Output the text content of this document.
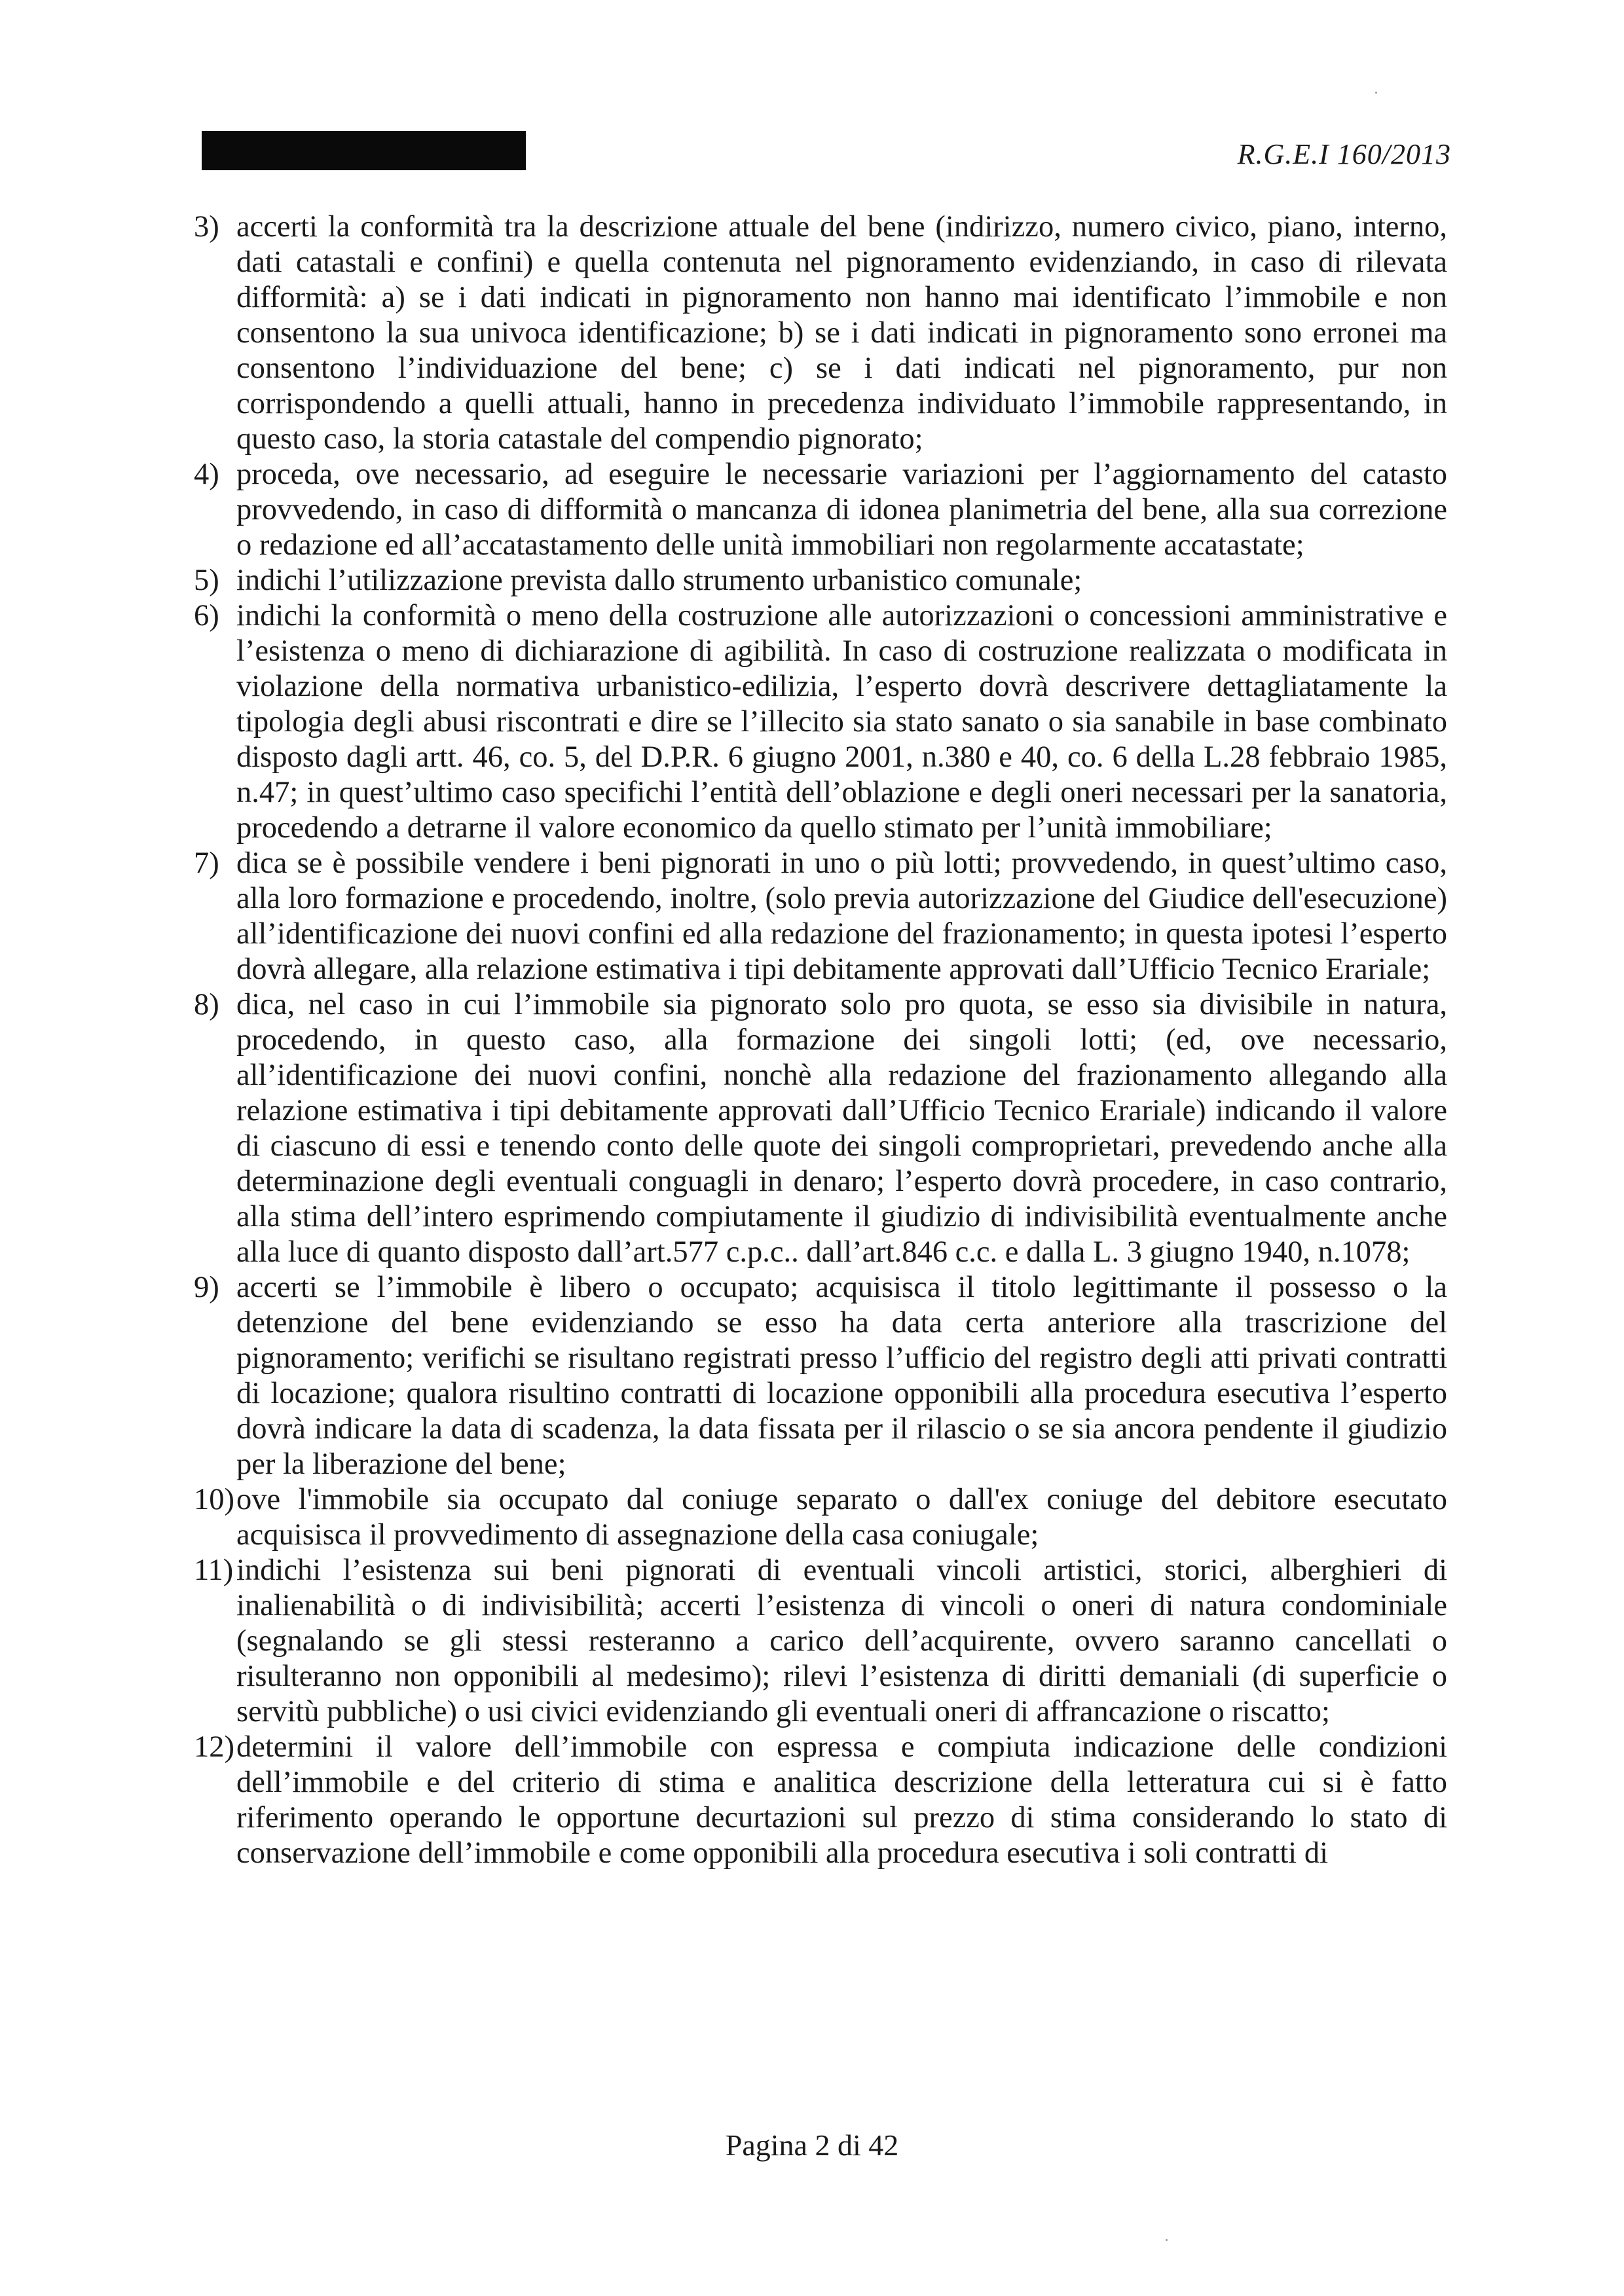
R.G.E.I 160/2013
3) accerti la conformità tra la descrizione attuale del bene (indirizzo, numero civico, piano, interno, dati catastali e confini) e quella contenuta nel pignoramento evidenziando, in caso di rilevata difformità: a) se i dati indicati in pignoramento non hanno mai identificato l’immobile e non consentono la sua univoca identificazione; b) se i dati indicati in pignoramento sono erronei ma consentono l’individuazione del bene; c) se i dati indicati nel pignoramento, pur non corrispondendo a quelli attuali, hanno in precedenza individuato l’immobile rappresentando, in questo caso, la storia catastale del compendio pignorato;
4) proceda, ove necessario, ad eseguire le necessarie variazioni per l’aggiornamento del catasto provvedendo, in caso di difformità o mancanza di idonea planimetria del bene, alla sua correzione o redazione ed all’accatastamento delle unità immobiliari non regolarmente accatastate;
5) indichi l’utilizzazione prevista dallo strumento urbanistico comunale;
6) indichi la conformità o meno della costruzione alle autorizzazioni o concessioni amministrative e l’esistenza o meno di dichiarazione di agibilità. In caso di costruzione realizzata o modificata in violazione della normativa urbanistico-edilizia, l’esperto dovrà descrivere dettagliatamente la tipologia degli abusi riscontrati e dire se l’illecito sia stato sanato o sia sanabile in base combinato disposto dagli artt. 46, co. 5, del D.P.R. 6 giugno 2001, n.380 e 40, co. 6 della L.28 febbraio 1985, n.47; in quest’ultimo caso specifichi l’entità dell’oblazione e degli oneri necessari per la sanatoria, procedendo a detrarne il valore economico da quello stimato per l’unità immobiliare;
7) dica se è possibile vendere i beni pignorati in uno o più lotti; provvedendo, in quest’ultimo caso, alla loro formazione e procedendo, inoltre, (solo previa autorizzazione del Giudice dell'esecuzione) all’identificazione dei nuovi confini ed alla redazione del frazionamento; in questa ipotesi l’esperto dovrà allegare, alla relazione estimativa i tipi debitamente approvati dall’Ufficio Tecnico Erariale;
8) dica, nel caso in cui l’immobile sia pignorato solo pro quota, se esso sia divisibile in natura, procedendo, in questo caso, alla formazione dei singoli lotti; (ed, ove necessario, all’identificazione dei nuovi confini, nonchè alla redazione del frazionamento allegando alla relazione estimativa i tipi debitamente approvati dall’Ufficio Tecnico Erariale) indicando il valore di ciascuno di essi e tenendo conto delle quote dei singoli comproprietari, prevedendo anche alla determinazione degli eventuali conguagli in denaro; l’esperto dovrà procedere, in caso contrario, alla stima dell’intero esprimendo compiutamente il giudizio di indivisibilità eventualmente anche alla luce di quanto disposto dall’art.577 c.p.c.. dall’art.846 c.c. e dalla L. 3 giugno 1940, n.1078;
9) accerti se l’immobile è libero o occupato; acquisisca il titolo legittimante il possesso o la detenzione del bene evidenziando se esso ha data certa anteriore alla trascrizione del pignoramento; verifichi se risultano registrati presso l’ufficio del registro degli atti privati contratti di locazione; qualora risultino contratti di locazione opponibili alla procedura esecutiva l’esperto dovrà indicare la data di scadenza, la data fissata per il rilascio o se sia ancora pendente il giudizio per la liberazione del bene;
10) ove l'immobile sia occupato dal coniuge separato o dall'ex coniuge del debitore esecutato acquisisca il provvedimento di assegnazione della casa coniugale;
11) indichi l’esistenza sui beni pignorati di eventuali vincoli artistici, storici, alberghieri di inalienabilità o di indivisibilità; accerti l’esistenza di vincoli o oneri di natura condominiale (segnalando se gli stessi resteranno a carico dell’acquirente, ovvero saranno cancellati o risulteranno non opponibili al medesimo); rilevi l’esistenza di diritti demaniali (di superficie o servitù pubbliche) o usi civici evidenziando gli eventuali oneri di affrancazione o riscatto;
12) determini il valore dell’immobile con espressa e compiuta indicazione delle condizioni dell’immobile e del criterio di stima e analitica descrizione della letteratura cui si è fatto riferimento operando le opportune decurtazioni sul prezzo di stima considerando lo stato di conservazione dell’immobile e come opponibili alla procedura esecutiva i soli contratti di
Pagina 2 di 42
